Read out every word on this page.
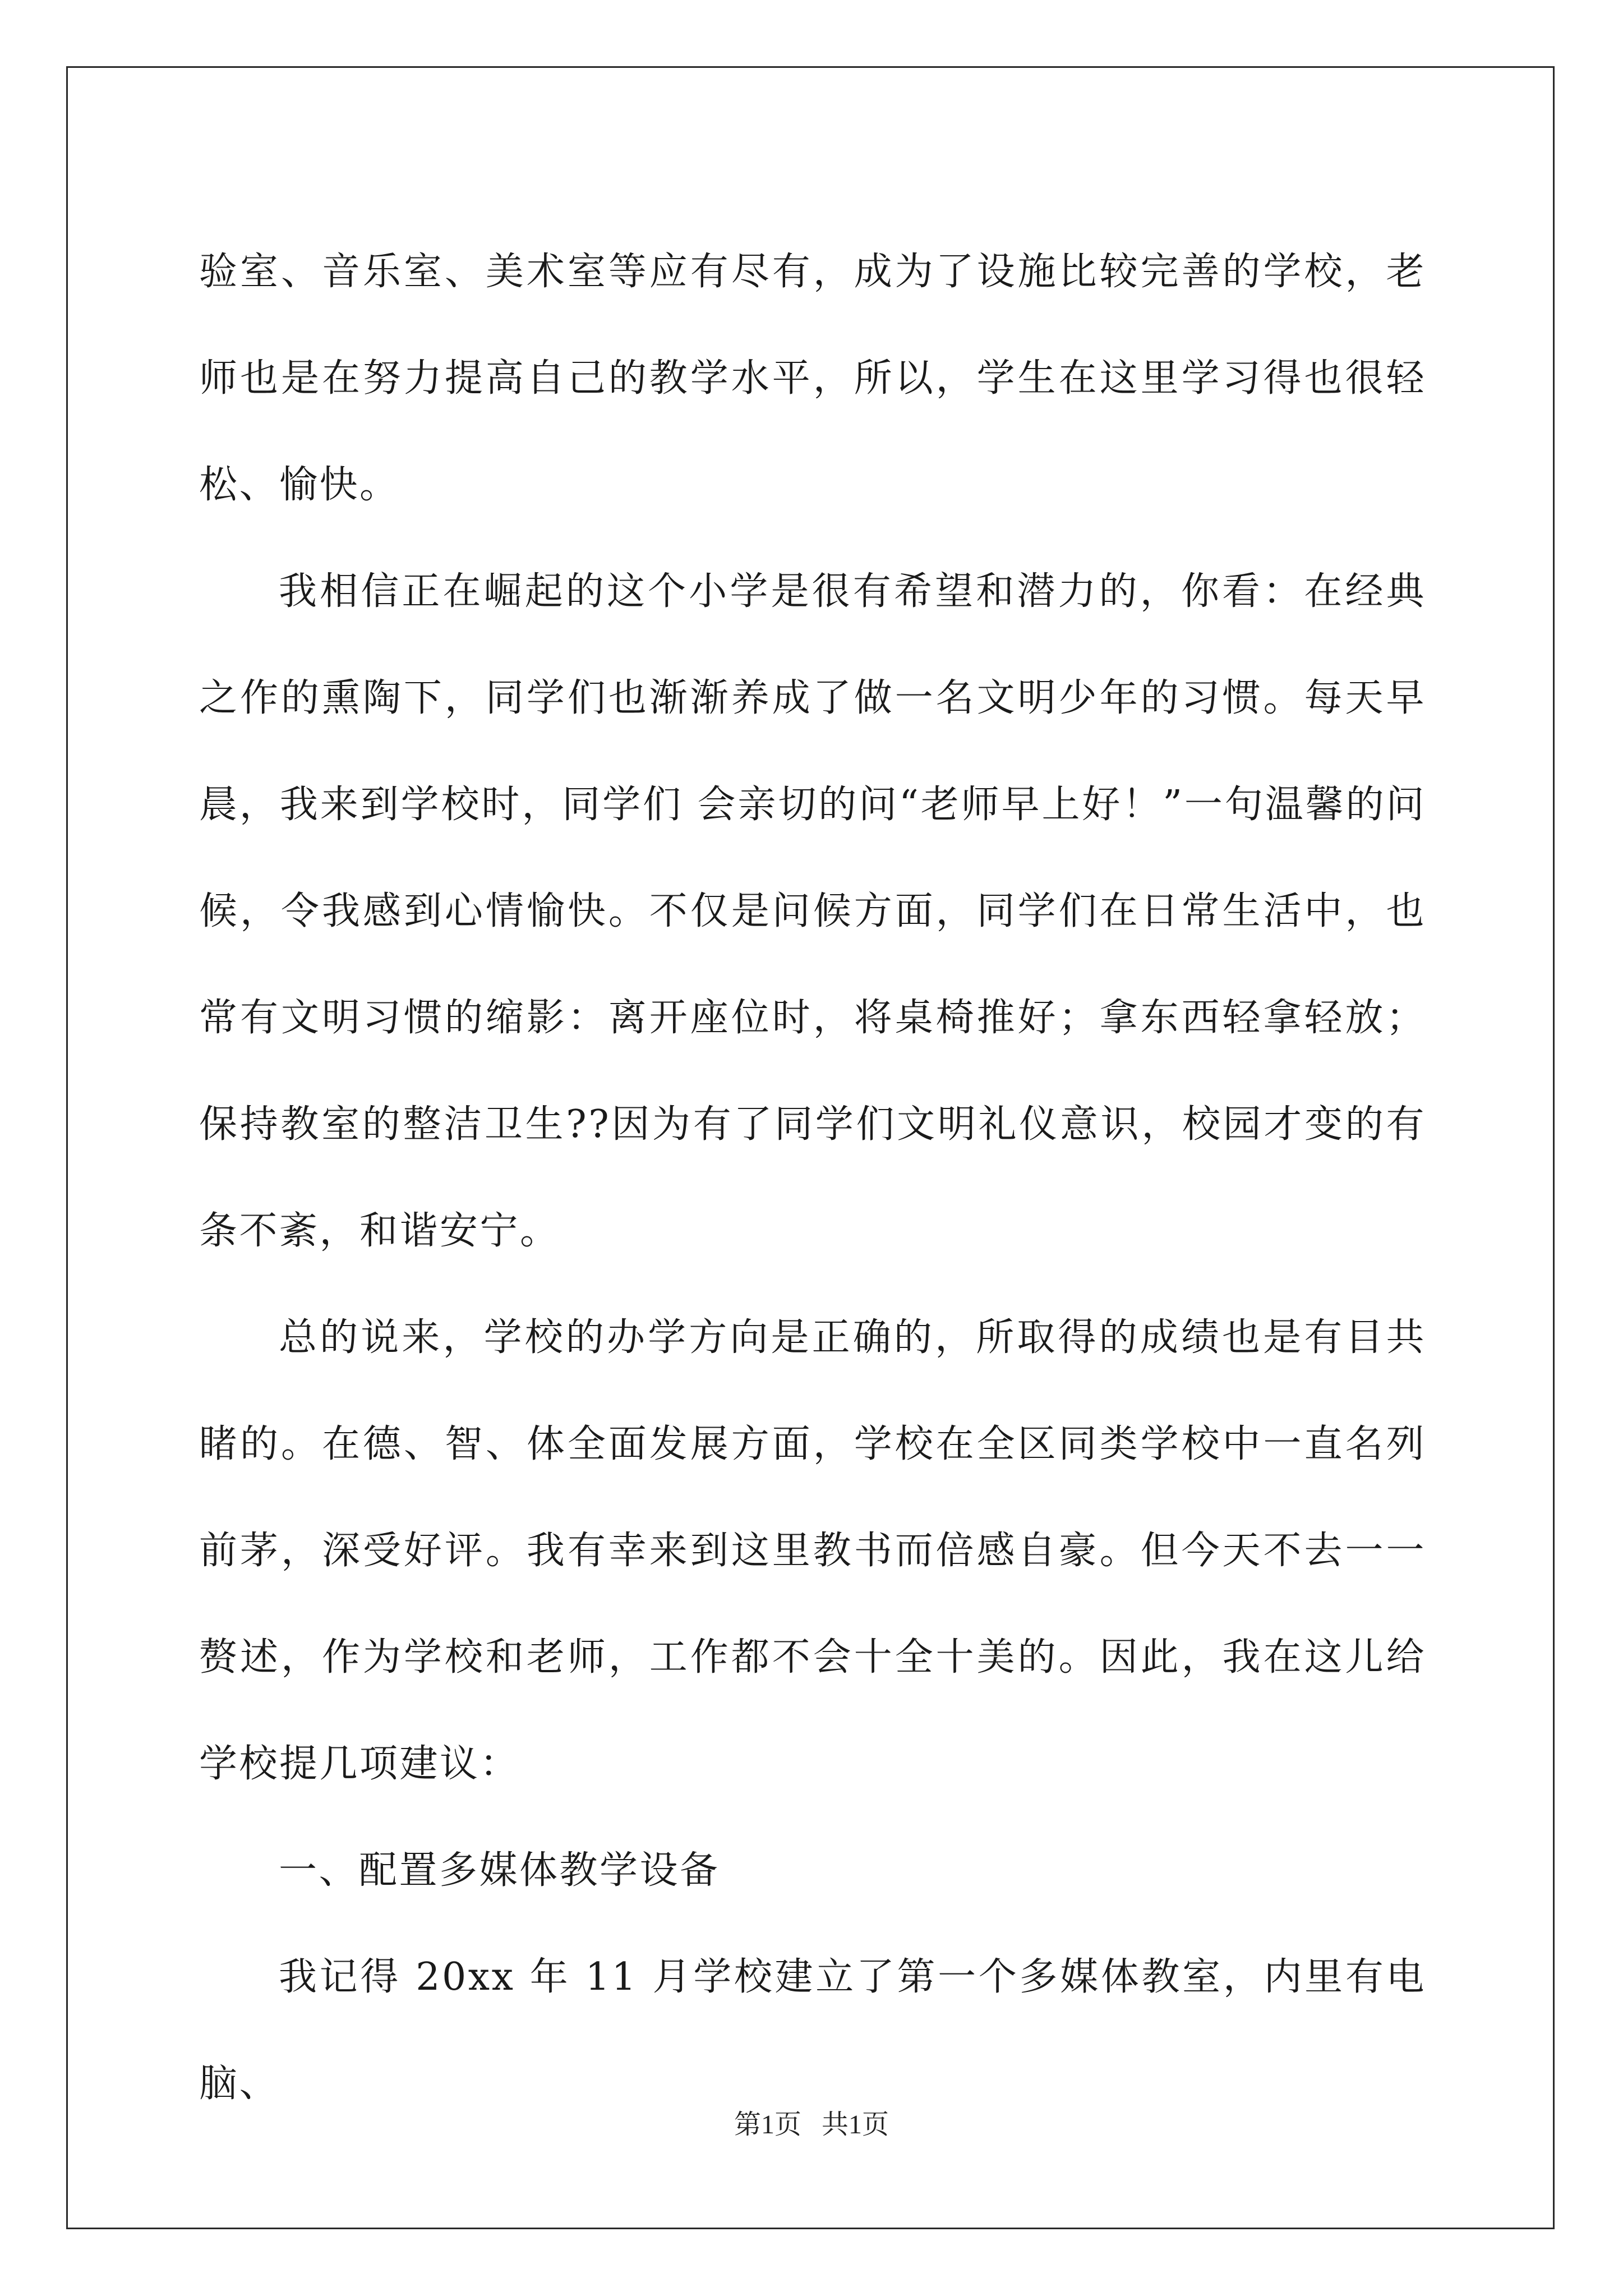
验室、音乐室、美术室等应有尽有，成为了设施比较完善的学校，老师也是在努力提高自己的教学水平，所以，学生在这里学习得也很轻松、愉快。

我相信正在崛起的这个小学是很有希望和潜力的，你看：在经典之作的熏陶下，同学们也渐渐养成了做一名文明少年的习惯。每天早晨，我来到学校时，同学们 会亲切的问“老师早上好！”一句温馨的问候，令我感到心情愉快。不仅是问候方面，同学们在日常生活中，也常有文明习惯的缩影：离开座位时，将桌椅推好；拿东西轻拿轻放；保持教室的整洁卫生??因为有了同学们文明礼仪意识，校园才变的有条不紊，和谐安宁。

总的说来，学校的办学方向是正确的，所取得的成绩也是有目共睹的。在德、智、体全面发展方面，学校在全区同类学校中一直名列前茅，深受好评。我有幸来到这里教书而倍感自豪。但今天不去一一赘述，作为学校和老师，工作都不会十全十美的。因此，我在这儿给学校提几项建议：

一、配置多媒体教学设备

我记得 20xx 年 11 月学校建立了第一个多媒体教室，内里有电脑、

第1页   共1页
